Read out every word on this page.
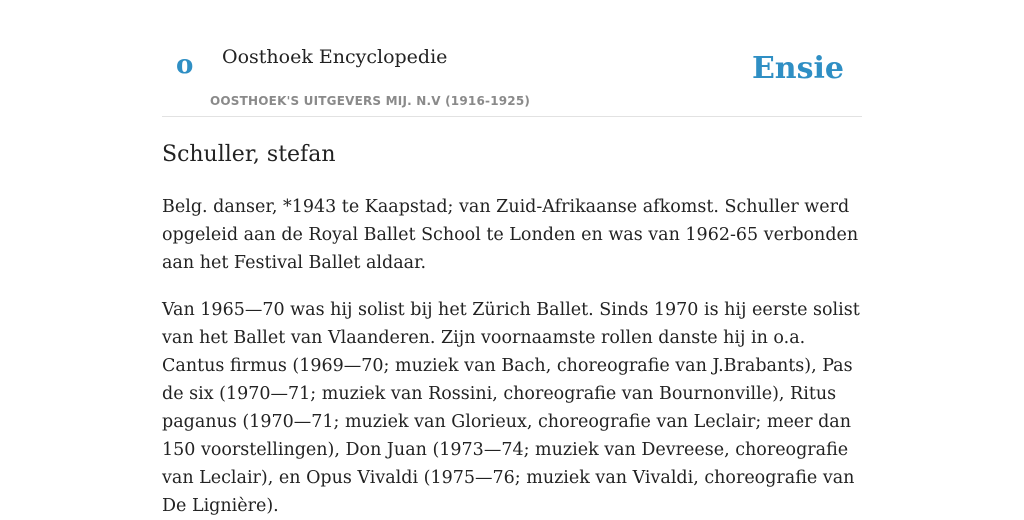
o Oosthoek Encyclopedie
OOSTHOEK'S UITGEVERS MIJ. N.V (1916-1925)
Ensie
Schuller, stefan

Belg. danser, *1943 te Kaapstad; van Zuid-Afrikaanse afkomst. Schuller werd opgeleid aan de Royal Ballet School te Londen en was van 1962-65 verbonden aan het Festival Ballet aldaar.

Van 1965—70 was hij solist bij het Zürich Ballet. Sinds 1970 is hij eerste solist van het Ballet van Vlaanderen. Zijn voornaamste rollen danste hij in o.a. Cantus firmus (1969—70; muziek van Bach, choreografie van J.Brabants), Pas de six (1970—71; muziek van Rossini, choreografie van Bournonville), Ritus paganus (1970—71; muziek van Glorieux, choreografie van Leclair; meer dan 150 voorstellingen), Don Juan (1973—74; muziek van Devreese, choreografie van Leclair), en Opus Vivaldi (1975—76; muziek van Vivaldi, choreografie van De Lignière).
